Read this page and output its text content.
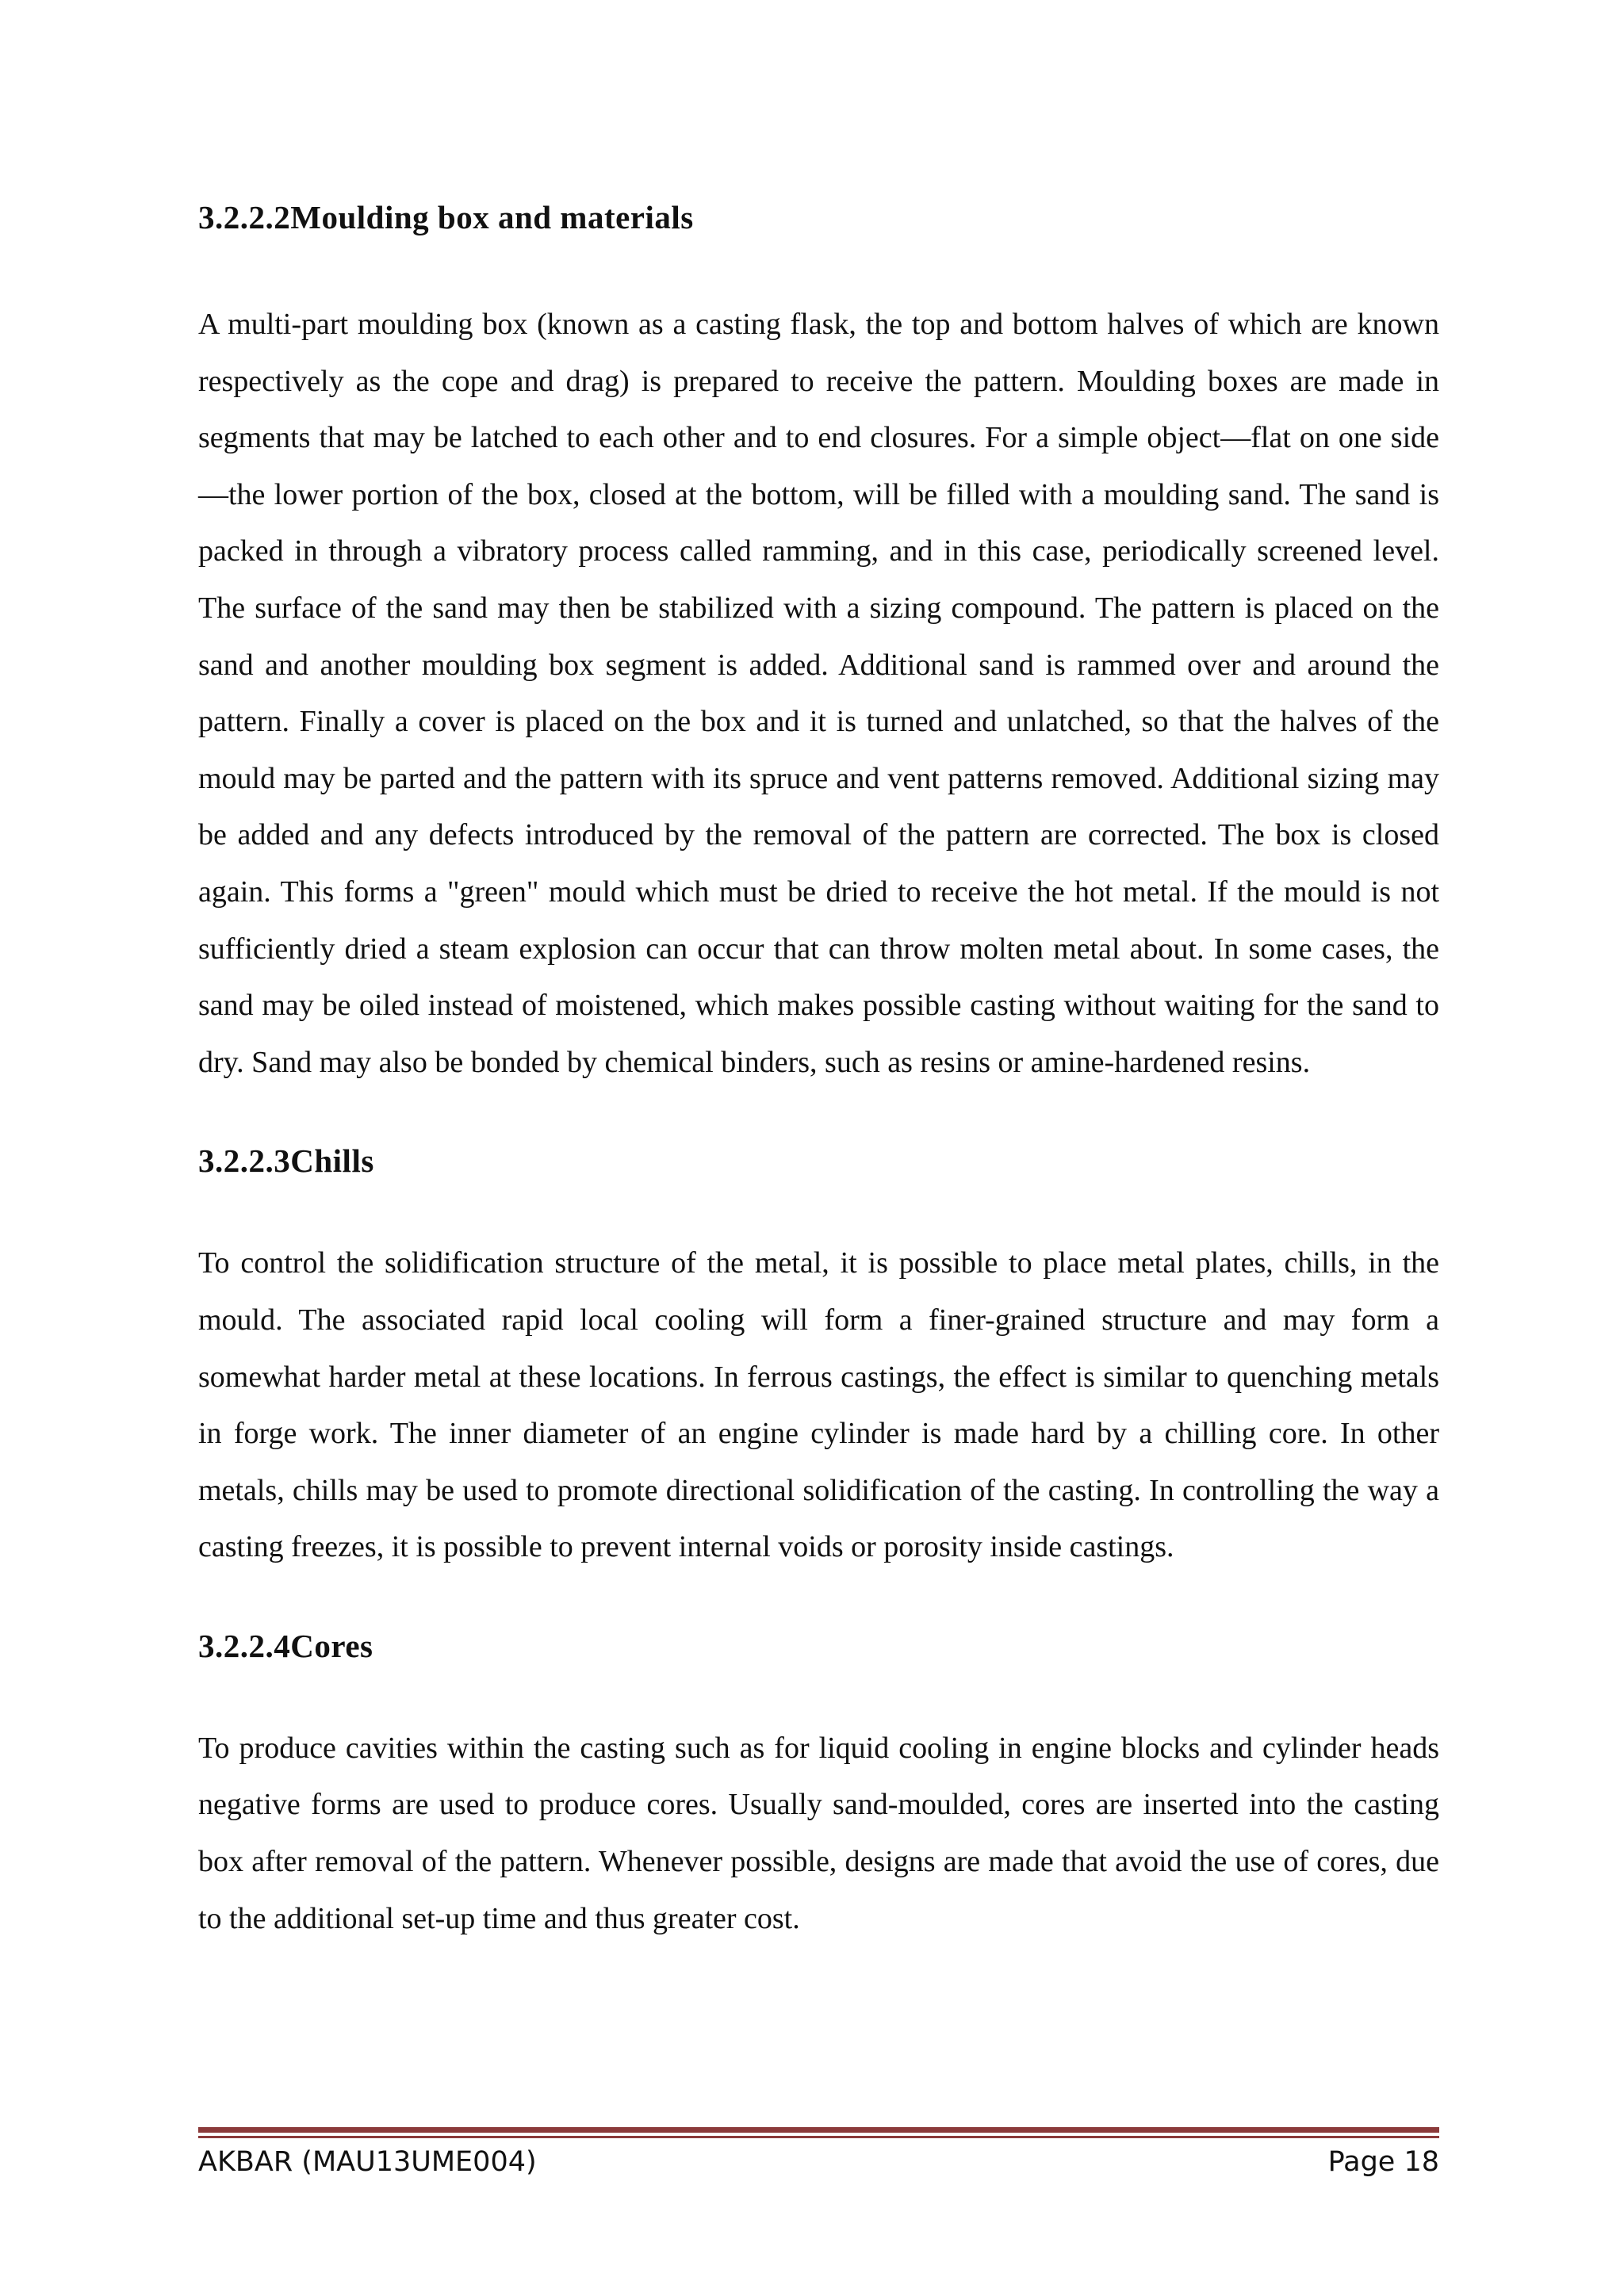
3.2.2.2Moulding box and materials

A multi-part moulding box (known as a casting flask, the top and bottom halves of which are known respectively as the cope and drag) is prepared to receive the pattern. Moulding boxes are made in segments that may be latched to each other and to end closures. For a simple object—flat on one side—the lower portion of the box, closed at the bottom, will be filled with a moulding sand. The sand is packed in through a vibratory process called ramming, and in this case, periodically screened level. The surface of the sand may then be stabilized with a sizing compound. The pattern is placed on the sand and another moulding box segment is added. Additional sand is rammed over and around the pattern. Finally a cover is placed on the box and it is turned and unlatched, so that the halves of the mould may be parted and the pattern with its spruce and vent patterns removed. Additional sizing may be added and any defects introduced by the removal of the pattern are corrected. The box is closed again. This forms a "green" mould which must be dried to receive the hot metal. If the mould is not sufficiently dried a steam explosion can occur that can throw molten metal about. In some cases, the sand may be oiled instead of moistened, which makes possible casting without waiting for the sand to dry. Sand may also be bonded by chemical binders, such as resins or amine-hardened resins.

3.2.2.3Chills

To control the solidification structure of the metal, it is possible to place metal plates, chills, in the mould. The associated rapid local cooling will form a finer-grained structure and may form a somewhat harder metal at these locations. In ferrous castings, the effect is similar to quenching metals in forge work. The inner diameter of an engine cylinder is made hard by a chilling core. In other metals, chills may be used to promote directional solidification of the casting. In controlling the way a casting freezes, it is possible to prevent internal voids or porosity inside castings.

3.2.2.4Cores

To produce cavities within the casting such as for liquid cooling in engine blocks and cylinder heads negative forms are used to produce cores. Usually sand-moulded, cores are inserted into the casting box after removal of the pattern. Whenever possible, designs are made that avoid the use of cores, due to the additional set-up time and thus greater cost.

AKBAR (MAU13UME004)	Page 18
